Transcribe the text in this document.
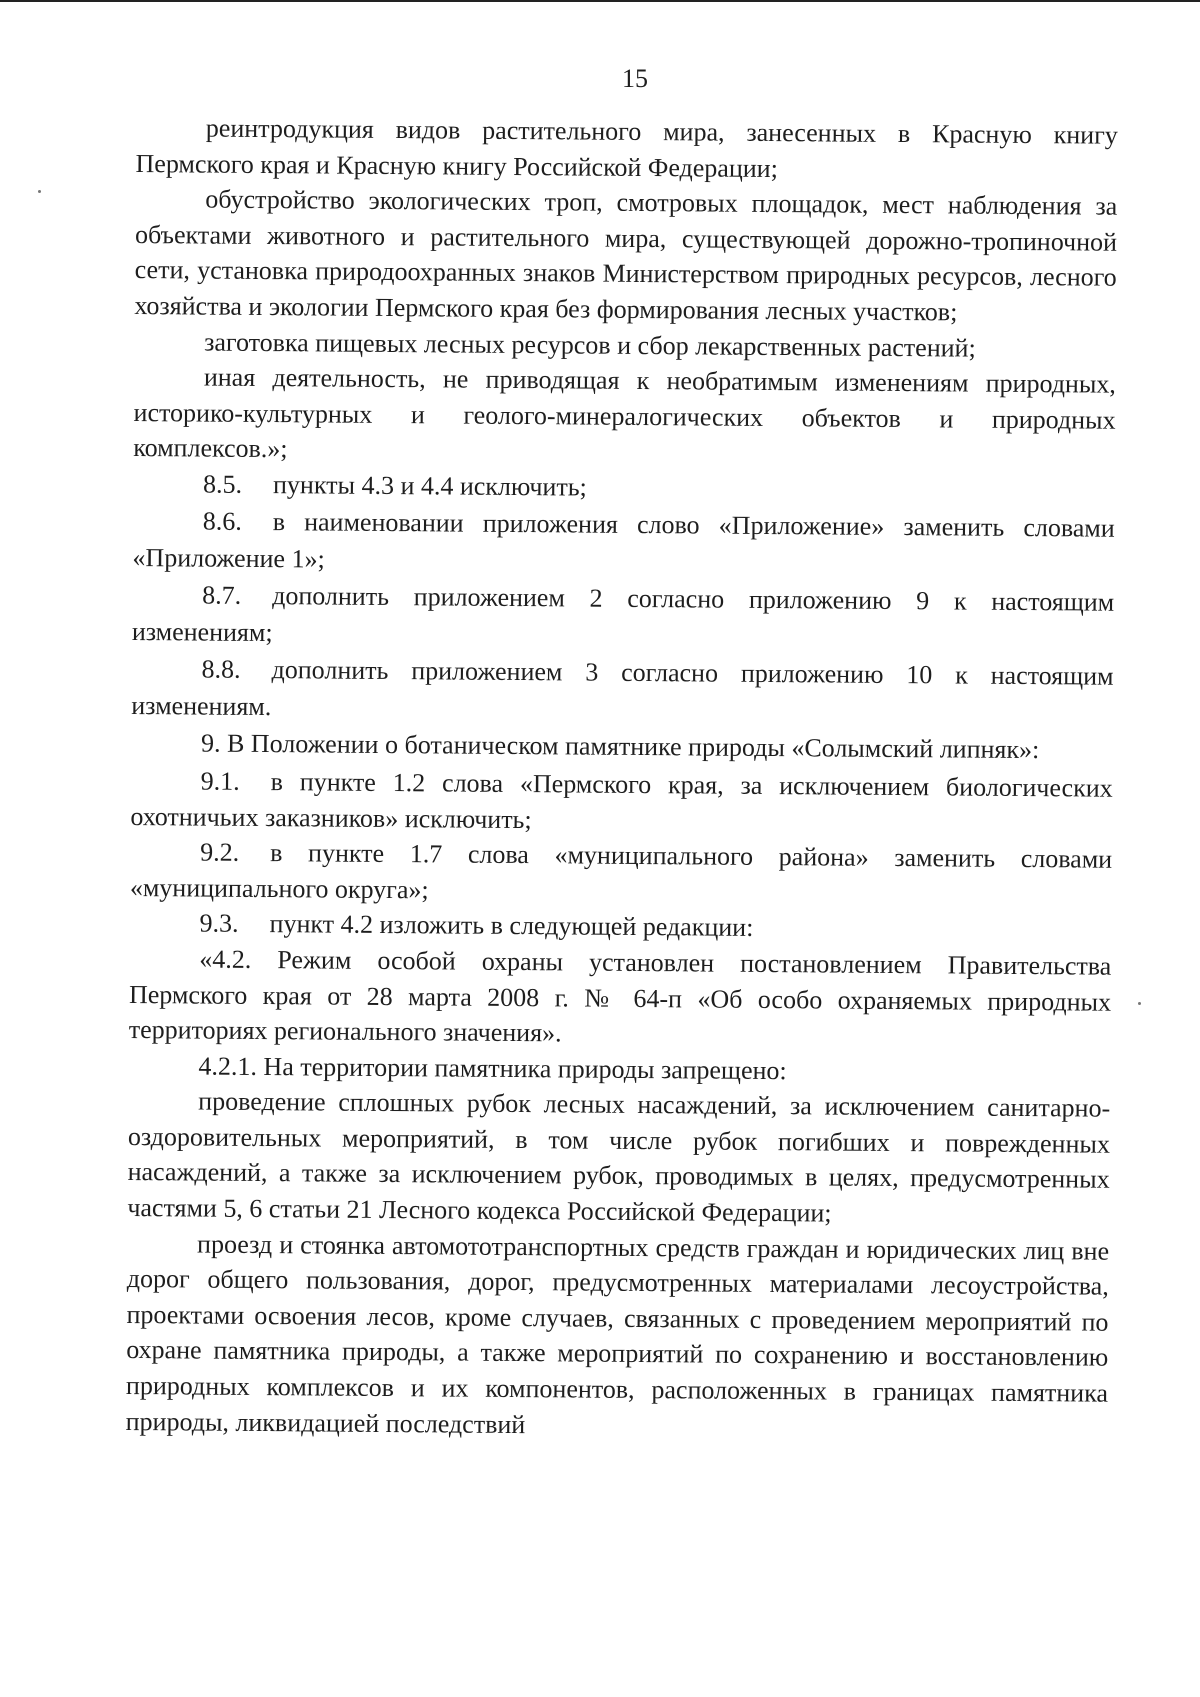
15

реинтродукция видов растительного мира, занесенных в Красную книгу Пермского края и Красную книгу Российской Федерации;

обустройство экологических троп, смотровых площадок, мест наблюдения за объектами животного и растительного мира, существующей дорожно-тропиночной сети, установка природоохранных знаков Министерством природных ресурсов, лесного хозяйства и экологии Пермского края без формирования лесных участков;

заготовка пищевых лесных ресурсов и сбор лекарственных растений;

иная деятельность, не приводящая к необратимым изменениям природных, историко-культурных и геолого-минералогических объектов и природных комплексов.»;

8.5. пункты 4.3 и 4.4 исключить;

8.6. в наименовании приложения слово «Приложение» заменить словами «Приложение 1»;

8.7. дополнить приложением 2 согласно приложению 9 к настоящим изменениям;

8.8. дополнить приложением 3 согласно приложению 10 к настоящим изменениям.

9. В Положении о ботаническом памятнике природы «Солымский липняк»:

9.1. в пункте 1.2 слова «Пермского края, за исключением биологических охотничьих заказников» исключить;

9.2. в пункте 1.7 слова «муниципального района» заменить словами «муниципального округа»;

9.3. пункт 4.2 изложить в следующей редакции:

«4.2. Режим особой охраны установлен постановлением Правительства Пермского края от 28 марта 2008 г. № 64-п «Об особо охраняемых природных территориях регионального значения».

4.2.1. На территории памятника природы запрещено:

проведение сплошных рубок лесных насаждений, за исключением санитарно-оздоровительных мероприятий, в том числе рубок погибших и поврежденных насаждений, а также за исключением рубок, проводимых в целях, предусмотренных частями 5, 6 статьи 21 Лесного кодекса Российской Федерации;

проезд и стоянка автомототранспортных средств граждан и юридических лиц вне дорог общего пользования, дорог, предусмотренных материалами лесоустройства, проектами освоения лесов, кроме случаев, связанных с проведением мероприятий по охране памятника природы, а также мероприятий по сохранению и восстановлению природных комплексов и их компонентов, расположенных в границах памятника природы, ликвидацией последствий
